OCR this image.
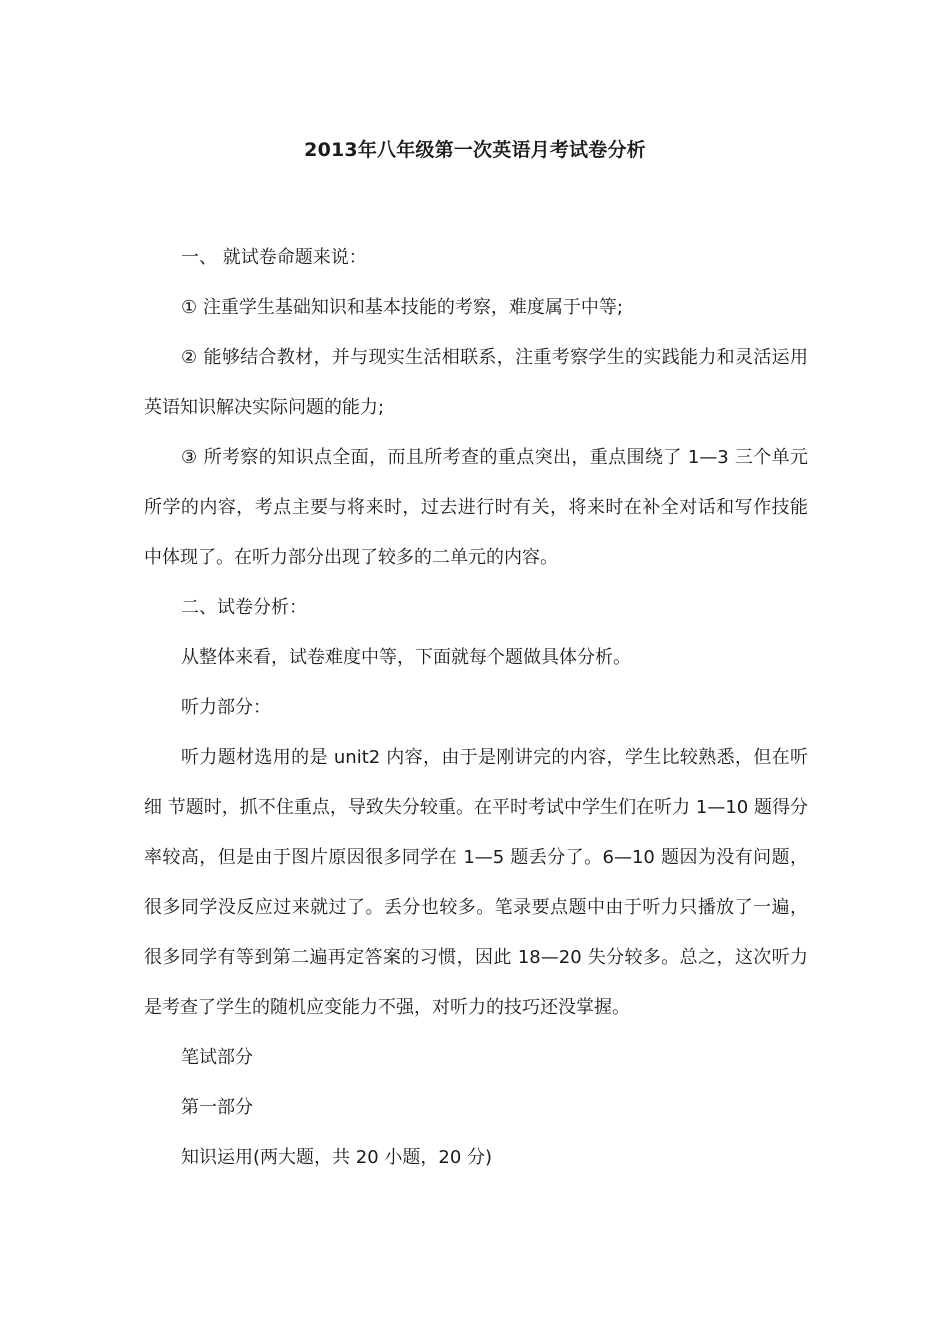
2013年八年级第一次英语月考试卷分析

一、 就试卷命题来说：

① 注重学生基础知识和基本技能的考察，难度属于中等;

② 能够结合教材，并与现实生活相联系，注重考察学生的实践能力和灵活运用英语知识解决实际问题的能力;

③ 所考察的知识点全面，而且所考查的重点突出，重点围绕了 1—3 三个单元所学的内容，考点主要与将来时，过去进行时有关，将来时在补全对话和写作技能中体现了。在听力部分出现了较多的二单元的内容。

二、试卷分析：

从整体来看，试卷难度中等，下面就每个题做具体分析。

听力部分：

听力题材选用的是 unit2 内容，由于是刚讲完的内容，学生比较熟悉，但在听细 节题时，抓不住重点，导致失分较重。在平时考试中学生们在听力 1—10 题得分率较高，但是由于图片原因很多同学在 1—5 题丢分了。6—10 题因为没有问题，很多同学没反应过来就过了。丢分也较多。笔录要点题中由于听力只播放了一遍，很多同学有等到第二遍再定答案的习惯，因此 18—20 失分较多。总之，这次听力是考查了学生的随机应变能力不强，对听力的技巧还没掌握。

笔试部分

第一部分

知识运用(两大题，共 20 小题，20 分)
